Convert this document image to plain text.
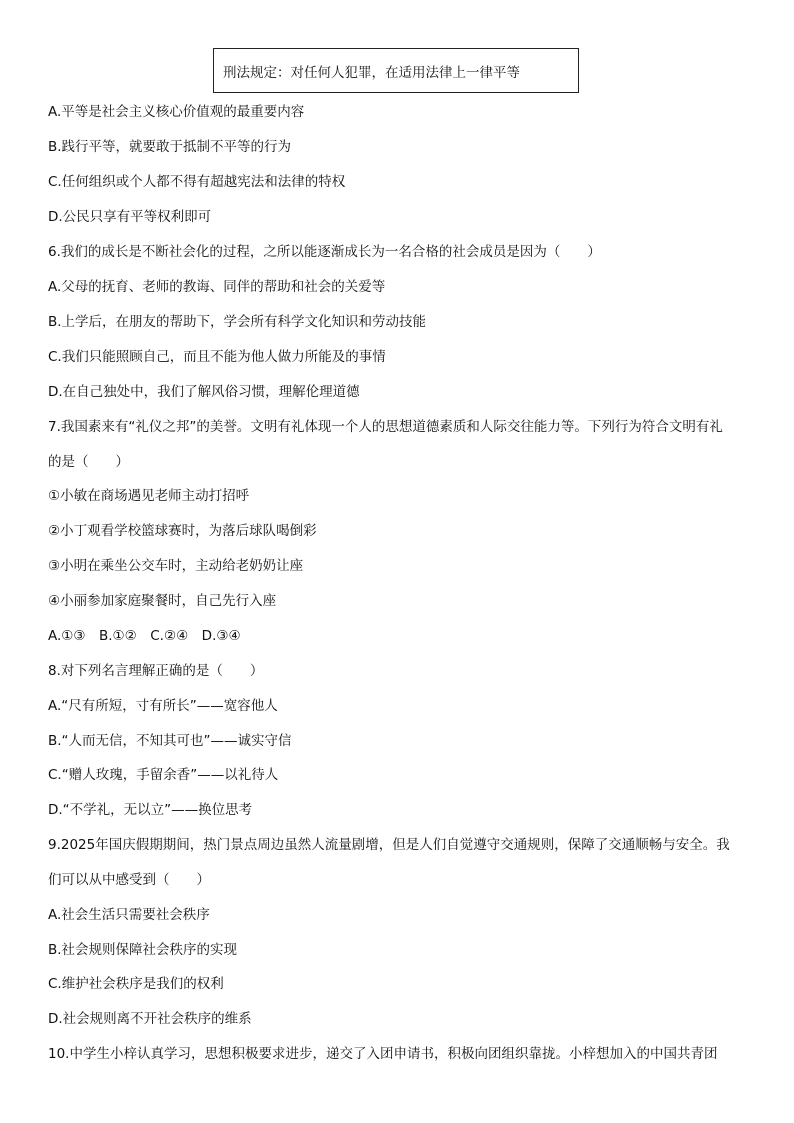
刑法规定：对任何人犯罪，在适用法律上一律平等
A.平等是社会主义核心价值观的最重要内容
B.践行平等，就要敢于抵制不平等的行为
C.任何组织或个人都不得有超越宪法和法律的特权
D.公民只享有平等权利即可
6.我们的成长是不断社会化的过程，之所以能逐渐成长为一名合格的社会成员是因为（　　）
A.父母的抚育、老师的教诲、同伴的帮助和社会的关爱等
B.上学后，在朋友的帮助下，学会所有科学文化知识和劳动技能
C.我们只能照顾自己，而且不能为他人做力所能及的事情
D.在自己独处中，我们了解风俗习惯，理解伦理道德
7.我国素来有“礼仪之邦”的美誉。文明有礼体现一个人的思想道德素质和人际交往能力等。下列行为符合文明有礼
的是（　　）
①小敏在商场遇见老师主动打招呼
②小丁观看学校篮球赛时，为落后球队喝倒彩
③小明在乘坐公交车时，主动给老奶奶让座
④小丽参加家庭聚餐时，自己先行入座
A.①③　B.①②　C.②④　D.③④
8.对下列名言理解正确的是（　　）
A.“尺有所短，寸有所长”——宽容他人
B.“人而无信，不知其可也”——诚实守信
C.“赠人玫瑰，手留余香”——以礼待人
D.“不学礼，无以立”——换位思考
9.2025年国庆假期期间，热门景点周边虽然人流量剧增，但是人们自觉遵守交通规则，保障了交通顺畅与安全。我
们可以从中感受到（　　）
A.社会生活只需要社会秩序
B.社会规则保障社会秩序的实现
C.维护社会秩序是我们的权利
D.社会规则离不开社会秩序的维系
10.中学生小梓认真学习，思想积极要求进步，递交了入团申请书，积极向团组织靠拢。小梓想加入的中国共青团
